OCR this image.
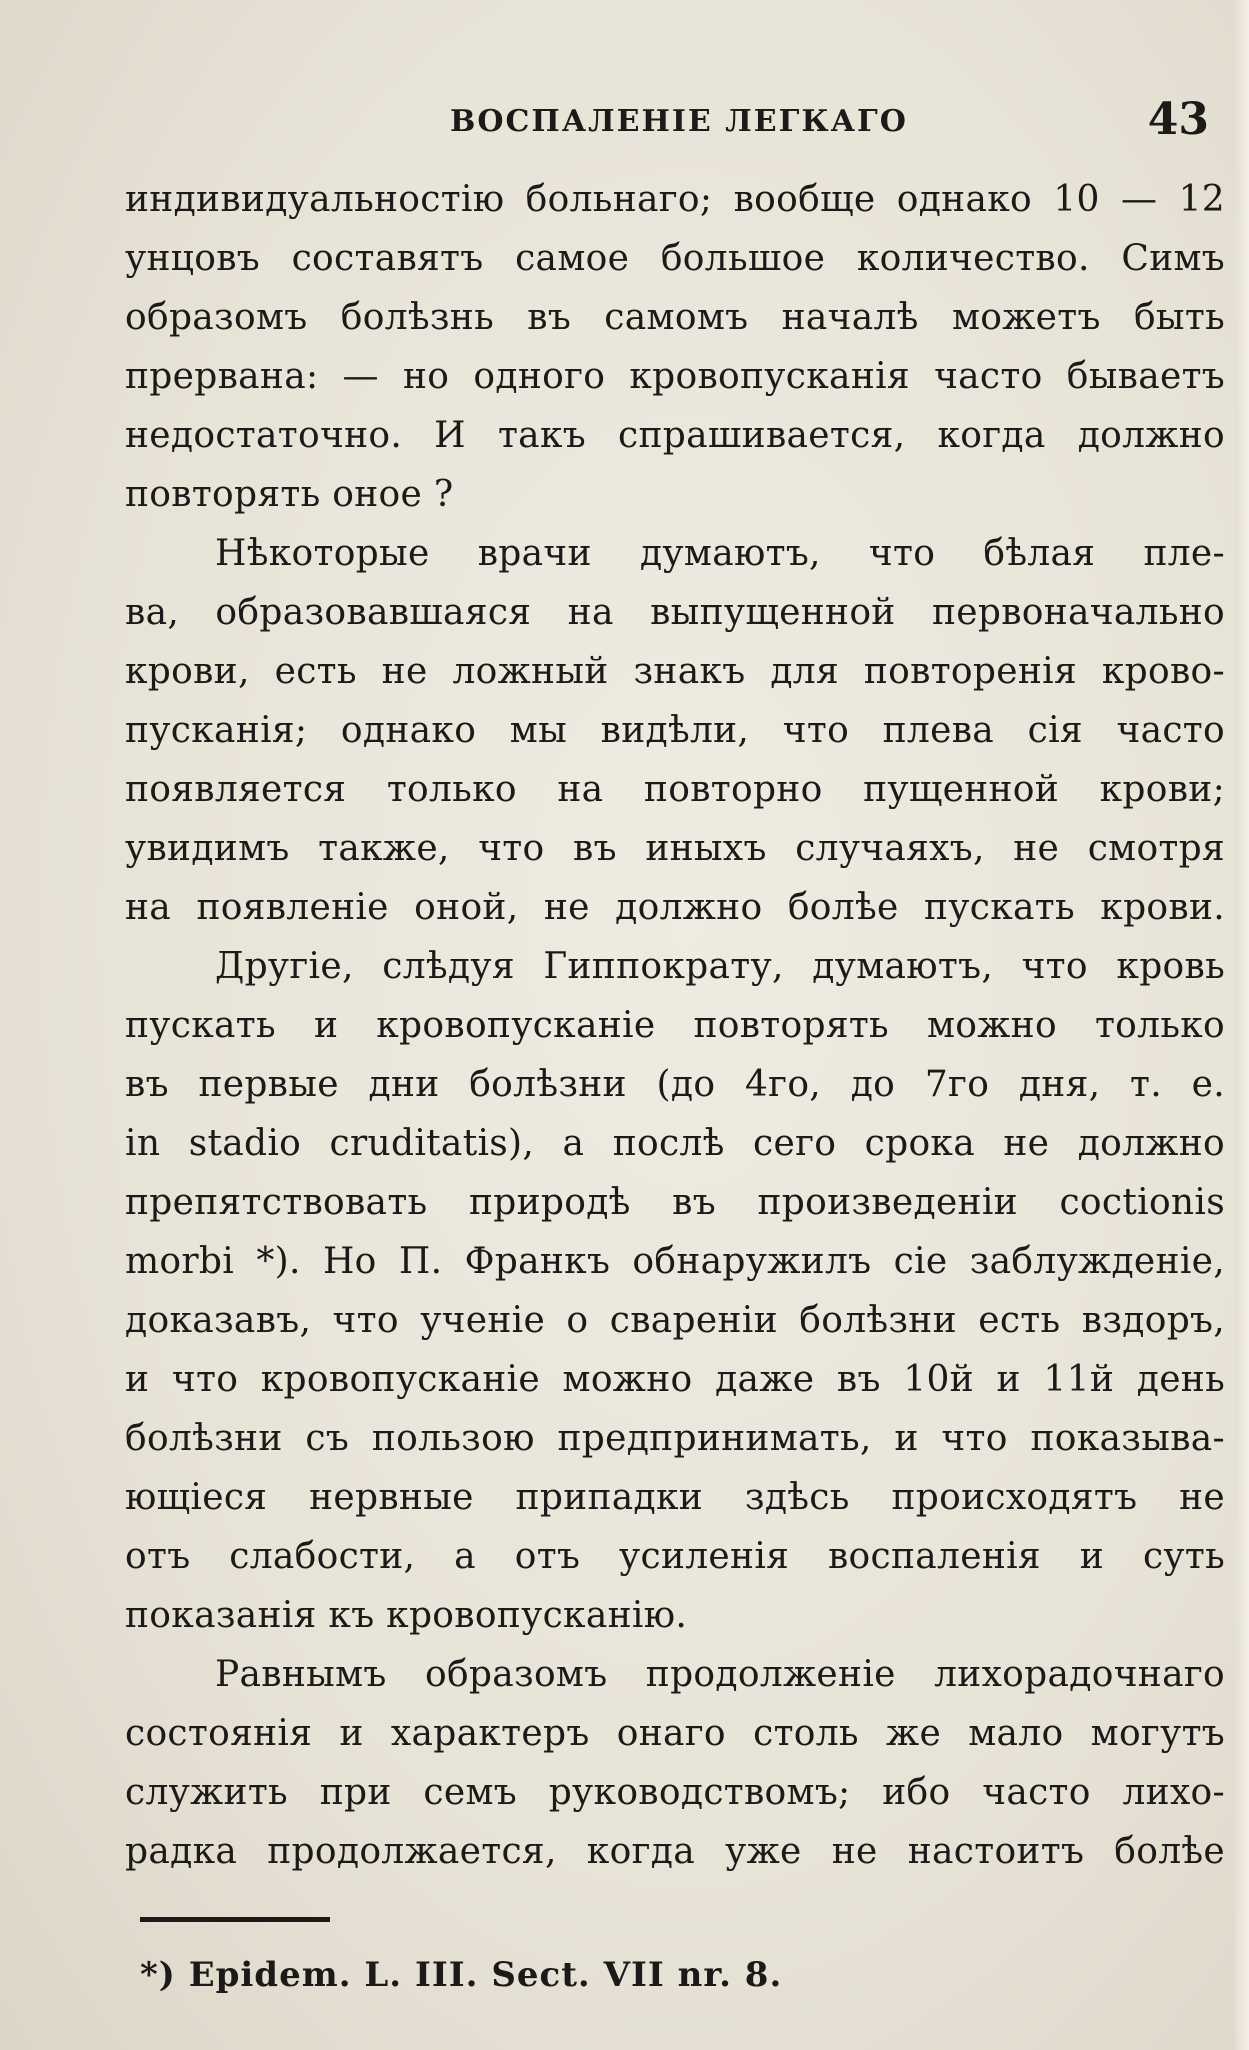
ВОСПАЛЕНІЕ ЛЕГКАГО	43

индивидуальностію больнаго; вообще однако 10 — 12

унцовъ составятъ самое большое количество. Симъ

образомъ болѣзнь въ самомъ началѣ можетъ быть

прервана: — но одного кровопусканія часто бываетъ

недостаточно. И такъ спрашивается, когда должно

повторять оное ?

Нѣкоторые врачи думаютъ, что бѣлая пле-

ва, образовавшаяся на выпущенной первоначально

крови, есть не ложный знакъ для повторенія крово-

пусканія; однако мы видѣли, что плева сія часто

появляется только на повторно пущенной крови;

увидимъ также, что въ иныхъ случаяхъ, не смотря

на появленіе оной, не должно болѣе пускать крови.

Другіе, слѣдуя Гиппократу, думаютъ, что кровь

пускать и кровопусканіе повторять можно только

въ первые дни болѣзни (до 4го, до 7го дня, т. е.

in stadio cruditatis), а послѣ сего срока не должно

препятствовать природѣ въ произведеніи coctionis

morbi *). Но П. Франкъ обнаружилъ сіе заблужденіе,

доказавъ, что ученіе о свареніи болѣзни есть вздоръ,

и что кровопусканіе можно даже въ 10й и 11й день

болѣзни съ пользою предпринимать, и что показыва-

ющіеся нервные припадки здѣсь происходятъ не

отъ слабости, а отъ усиленія воспаленія и суть

показанія къ кровопусканію.

Равнымъ образомъ продолженіе лихорадочнаго

состоянія и характеръ онаго столь же мало могутъ

служить при семъ руководствомъ; ибо часто лихо-

радка продолжается, когда уже не настоитъ болѣе

*) Epidem. L. III. Sect. VII nr. 8.
